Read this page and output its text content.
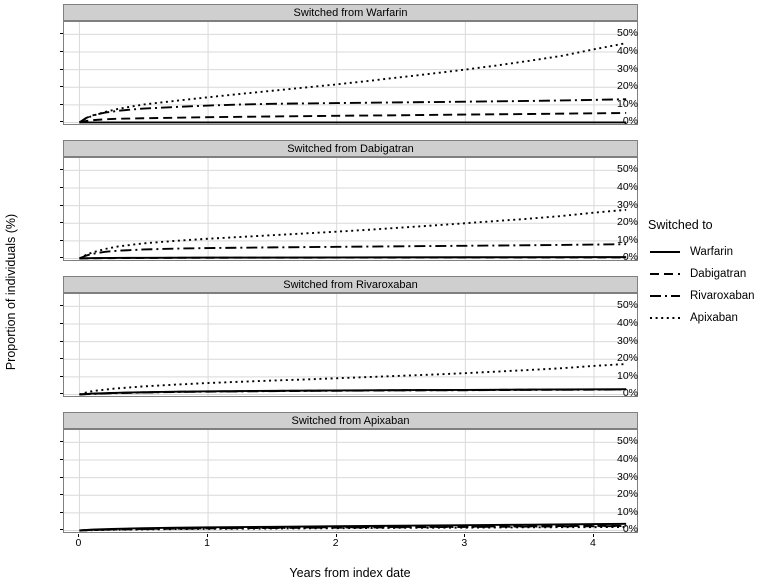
Proportion of individuals (%)
Switched from Warfarin
0%
10%
20%
30%
40%
50%
Switched from Dabigatran
0%
10%
20%
30%
40%
50%
Switched from Rivaroxaban
0%
10%
20%
30%
40%
50%
Switched from Apixaban
0%
10%
20%
30%
40%
50%
0	1	2	3	4
Years from index date
Switched to
Warfarin
Dabigatran
Rivaroxaban
Apixaban
